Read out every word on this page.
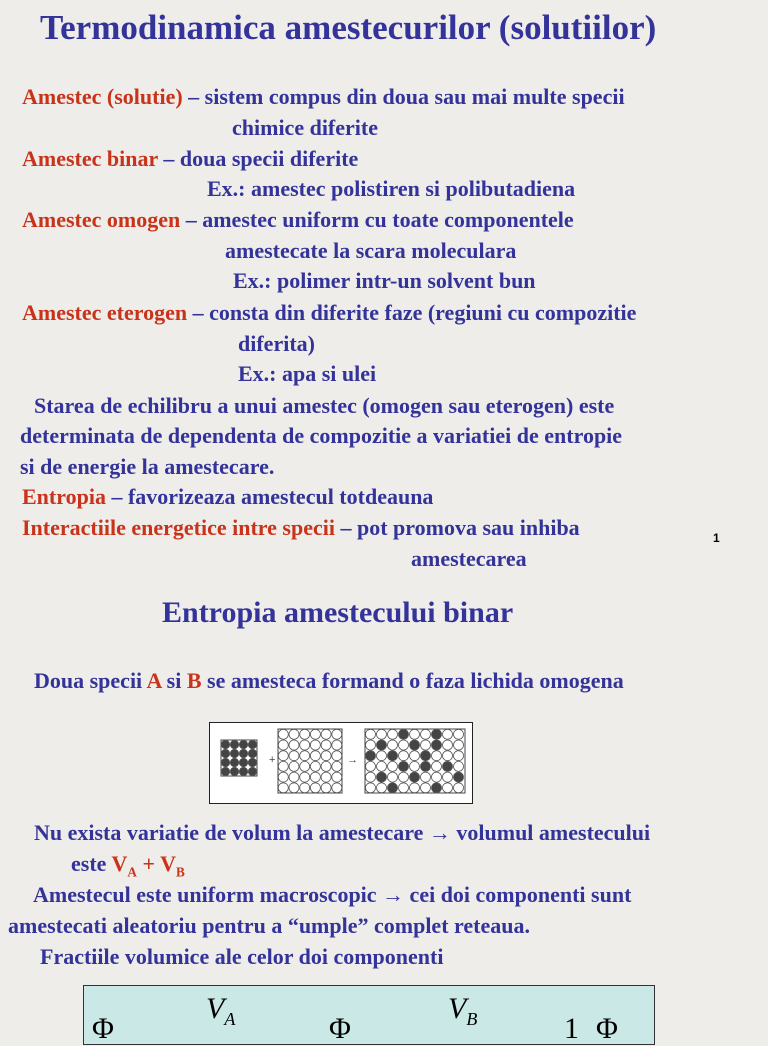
Termodinamica amestecurilor (solutiilor)
Amestec (solutie) – sistem compus din doua sau mai multe specii
chimice diferite
Amestec binar – doua specii diferite
Ex.: amestec polistiren si polibutadiena
Amestec omogen – amestec uniform cu toate componentele
amestecate la scara moleculara
Ex.: polimer intr-un solvent bun
Amestec eterogen – consta din diferite faze (regiuni cu compozitie
diferita)
Ex.: apa si ulei
Starea de echilibru a unui amestec (omogen sau eterogen) este
determinata de dependenta de compozitie a variatiei de entropie
si de energie la amestecare.
Entropia – favorizeaza amestecul totdeauna
Interactiile energetice intre specii – pot promova sau inhiba
amestecarea
1
Entropia amestecului binar
Doua specii A si B se amesteca formand o faza lichida omogena
+	→
Nu exista variatie de volum la amestecare → volumul amestecului
este $V_A + V_B$
Amestecul este uniform macroscopic → cei doi componenti sunt
amestecati aleatoriu pentru a “umple” complet reteaua.
Fractiile volumice ale celor doi componenti
$V_A$
Φ	Φ
$V_B$	1 Φ
